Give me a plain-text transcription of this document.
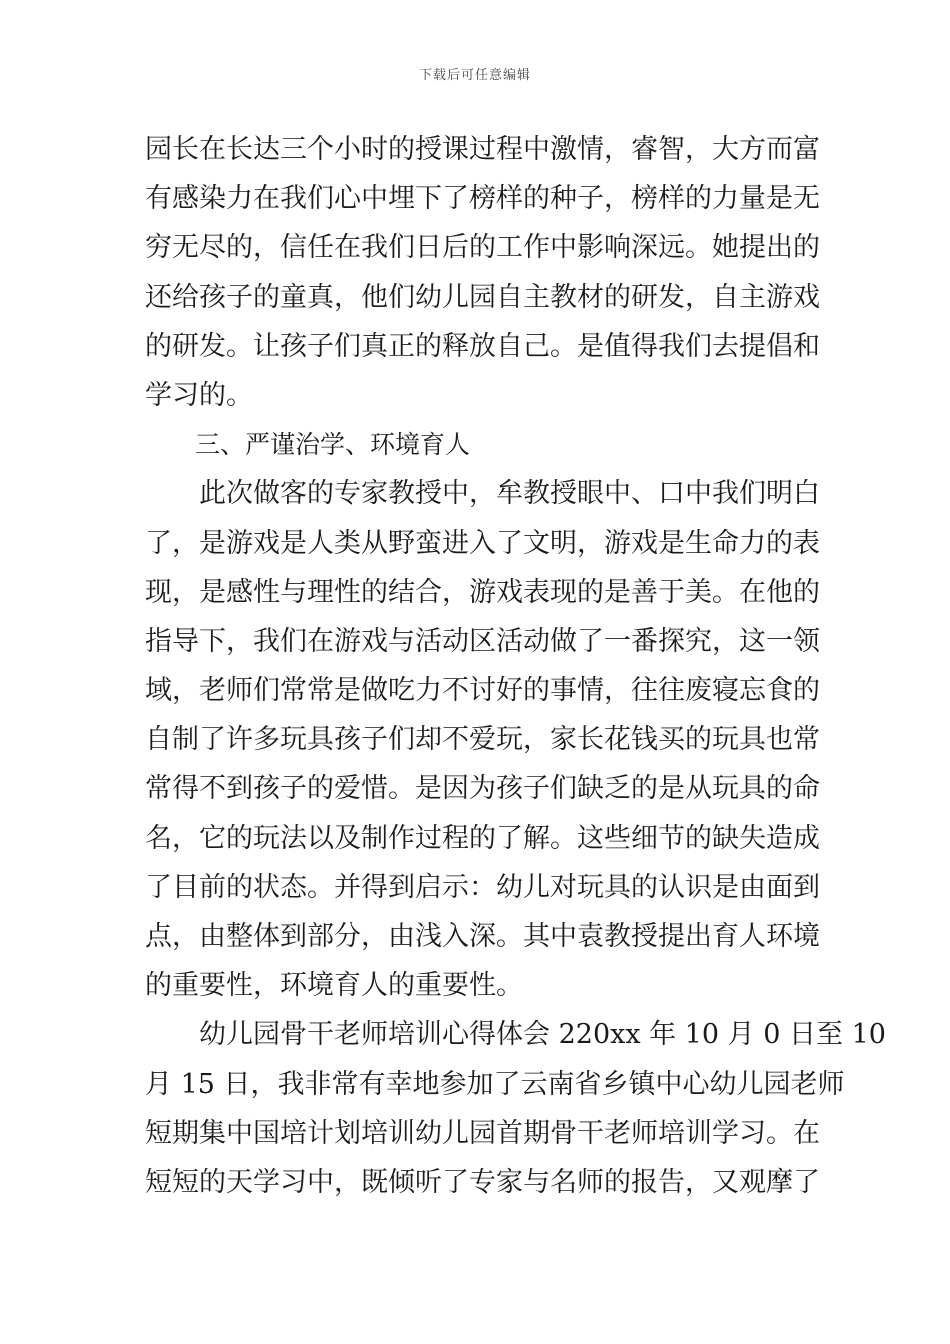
下载后可任意编辑
园长在长达三个小时的授课过程中激情，睿智，大方而富
有感染力在我们心中埋下了榜样的种子，榜样的力量是无
穷无尽的，信任在我们日后的工作中影响深远。她提出的
还给孩子的童真，他们幼儿园自主教材的研发，自主游戏
的研发。让孩子们真正的释放自己。是值得我们去提倡和
学习的。
三、严谨治学、环境育人
此次做客的专家教授中，牟教授眼中、口中我们明白
了，是游戏是人类从野蛮进入了文明，游戏是生命力的表
现，是感性与理性的结合，游戏表现的是善于美。在他的
指导下，我们在游戏与活动区活动做了一番探究，这一领
域，老师们常常是做吃力不讨好的事情，往往废寝忘食的
自制了许多玩具孩子们却不爱玩，家长花钱买的玩具也常
常得不到孩子的爱惜。是因为孩子们缺乏的是从玩具的命
名，它的玩法以及制作过程的了解。这些细节的缺失造成
了目前的状态。并得到启示：幼儿对玩具的认识是由面到
点，由整体到部分，由浅入深。其中袁教授提出育人环境
的重要性，环境育人的重要性。
幼儿园骨干老师培训心得体会 220xx 年 10 月 0 日至 10
月 15 日，我非常有幸地参加了云南省乡镇中心幼儿园老师
短期集中国培计划培训幼儿园首期骨干老师培训学习。在
短短的天学习中，既倾听了专家与名师的报告，又观摩了
